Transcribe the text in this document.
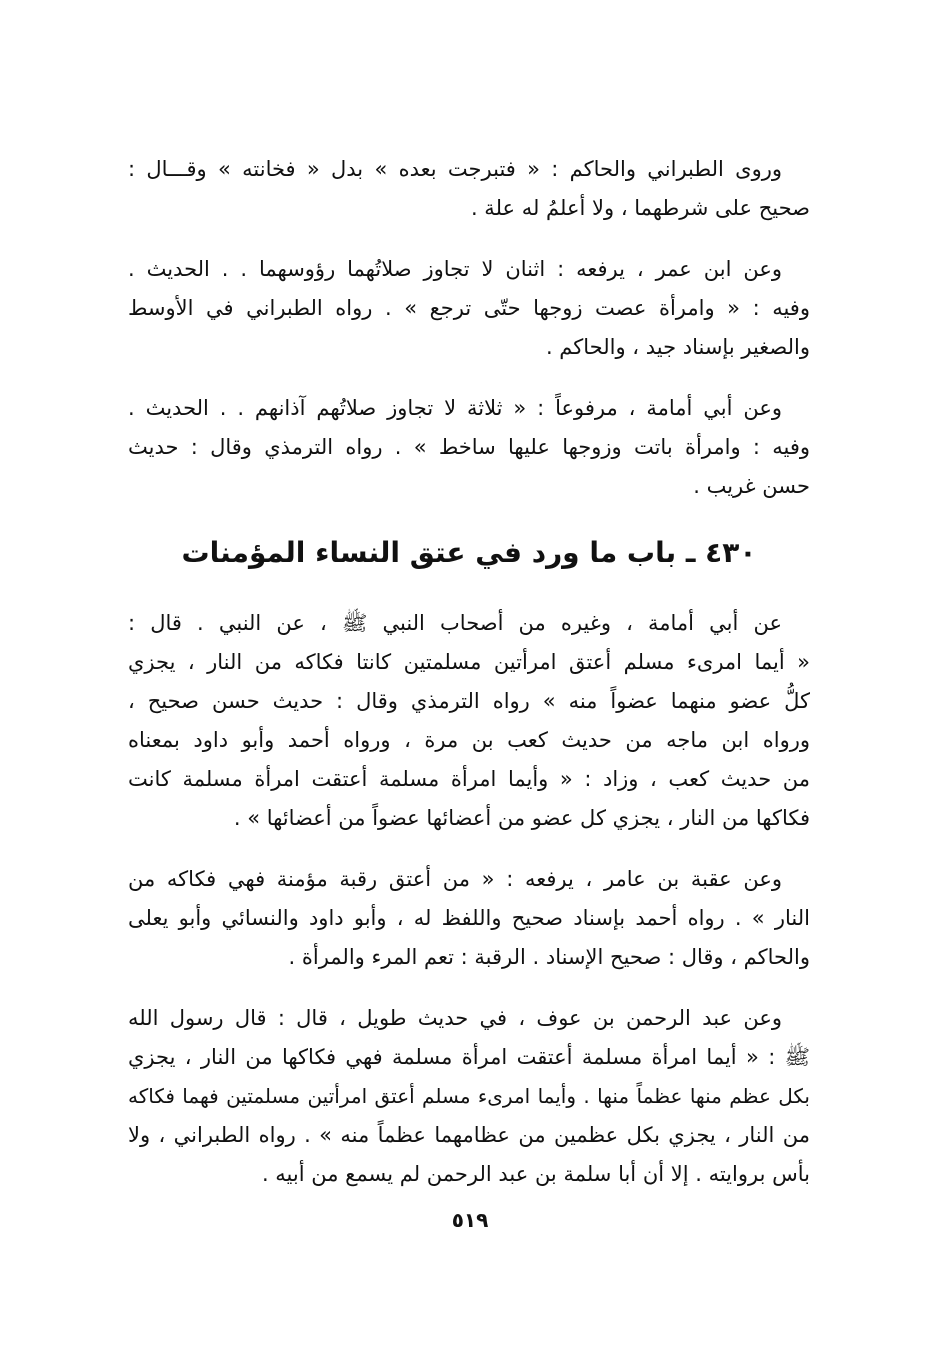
وروى الطبراني والحاكم : « فتبرجت بعده » بدل « فخانته » وقـــال :
صحيح على شرطهما ، ولا أعلمُ له علة .
وعن ابن عمر ، يرفعه : اثنان لا تجاوز صلاتُهما رؤوسهما . . الحديث .
وفيه : « وامرأة عصت زوجها حتّى ترجع » . رواه الطبراني في الأوسط
والصغير بإسناد جيد ، والحاكم .
وعن أبي أمامة ، مرفوعاً : « ثلاثة لا تجاوز صلاتُهم آذانهم . . الحديث .
وفيه : وامرأة باتت وزوجها عليها ساخط » . رواه الترمذي وقال : حديث
حسن غريب .
٤٣٠ ـ باب ما ورد في عتق النساء المؤمنات
عن أبي أمامة ، وغيره من أصحاب النبي ﷺ ، عن النبي . قال :
« أيما امرىء مسلم أعتق امرأتين مسلمتين كانتا فكاكه من النار ، يجزي
كلُّ عضو منهما عضواً منه » رواه الترمذي وقال : حديث حسن صحيح ،
ورواه ابن ماجه من حديث كعب بن مرة ، ورواه أحمد وأبو داود بمعناه
من حديث كعب ، وزاد : « وأيما امرأة مسلمة أعتقت امرأة مسلمة كانت
فكاكها من النار ، يجزي كل عضو من أعضائها عضواً من أعضائها » .
وعن عقبة بن عامر ، يرفعه : « من أعتق رقبة مؤمنة فهي فكاكه من
النار » . رواه أحمد بإسناد صحيح واللفظ له ، وأبو داود والنسائي وأبو يعلى
والحاكم ، وقال : صحيح الإسناد . الرقبة : تعم المرء والمرأة .
وعن عبد الرحمن بن عوف ، في حديث طويل ، قال : قال رسول الله
ﷺ : « أيما امرأة مسلمة أعتقت امرأة مسلمة فهي فكاكها من النار ، يجزي
بكل عظم منها عظماً منها . وأيما امرىء مسلم أعتق امرأتين مسلمتين فهما فكاكه
من النار ، يجزي بكل عظمين من عظامهما عظماً منه » . رواه الطبراني ، ولا
بأس بروايته . إلا أن أبا سلمة بن عبد الرحمن لم يسمع من أبيه .
٥١٩
